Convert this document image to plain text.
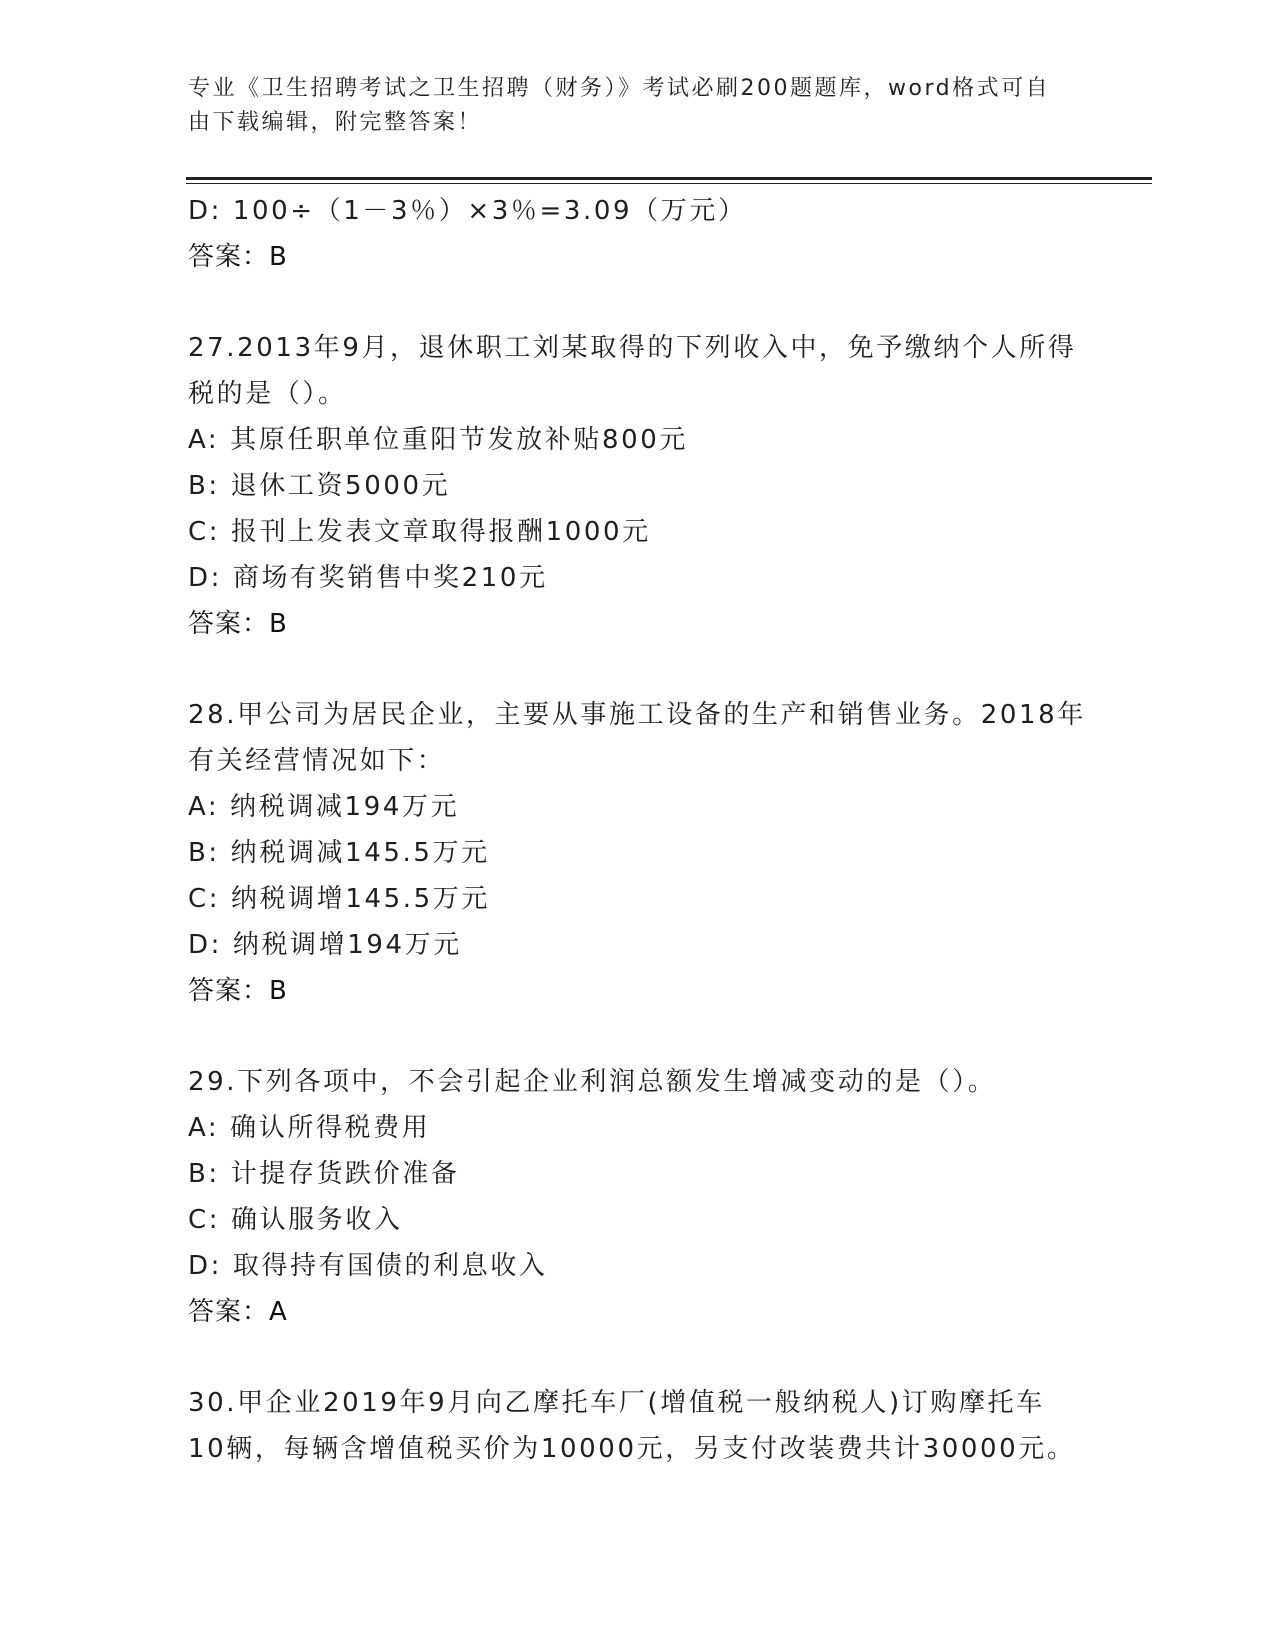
专业《卫生招聘考试之卫生招聘（财务）》考试必刷200题题库，word格式可自
由下载编辑，附完整答案！
D: 100÷（1－3％）×3％=3.09（万元）
答案：B
27.2013年9月，退休职工刘某取得的下列收入中，免予缴纳个人所得
税的是（）。
A: 其原任职单位重阳节发放补贴800元
B: 退休工资5000元
C: 报刊上发表文章取得报酬1000元
D: 商场有奖销售中奖210元
答案：B
28.甲公司为居民企业，主要从事施工设备的生产和销售业务。2018年
有关经营情况如下：
A: 纳税调减194万元
B: 纳税调减145.5万元
C: 纳税调增145.5万元
D: 纳税调增194万元
答案：B
29.下列各项中，不会引起企业利润总额发生增减变动的是（）。
A: 确认所得税费用
B: 计提存货跌价准备
C: 确认服务收入
D: 取得持有国债的利息收入
答案：A
30.甲企业2019年9月向乙摩托车厂(增值税一般纳税人)订购摩托车
10辆，每辆含增值税买价为10000元，另支付改装费共计30000元。
